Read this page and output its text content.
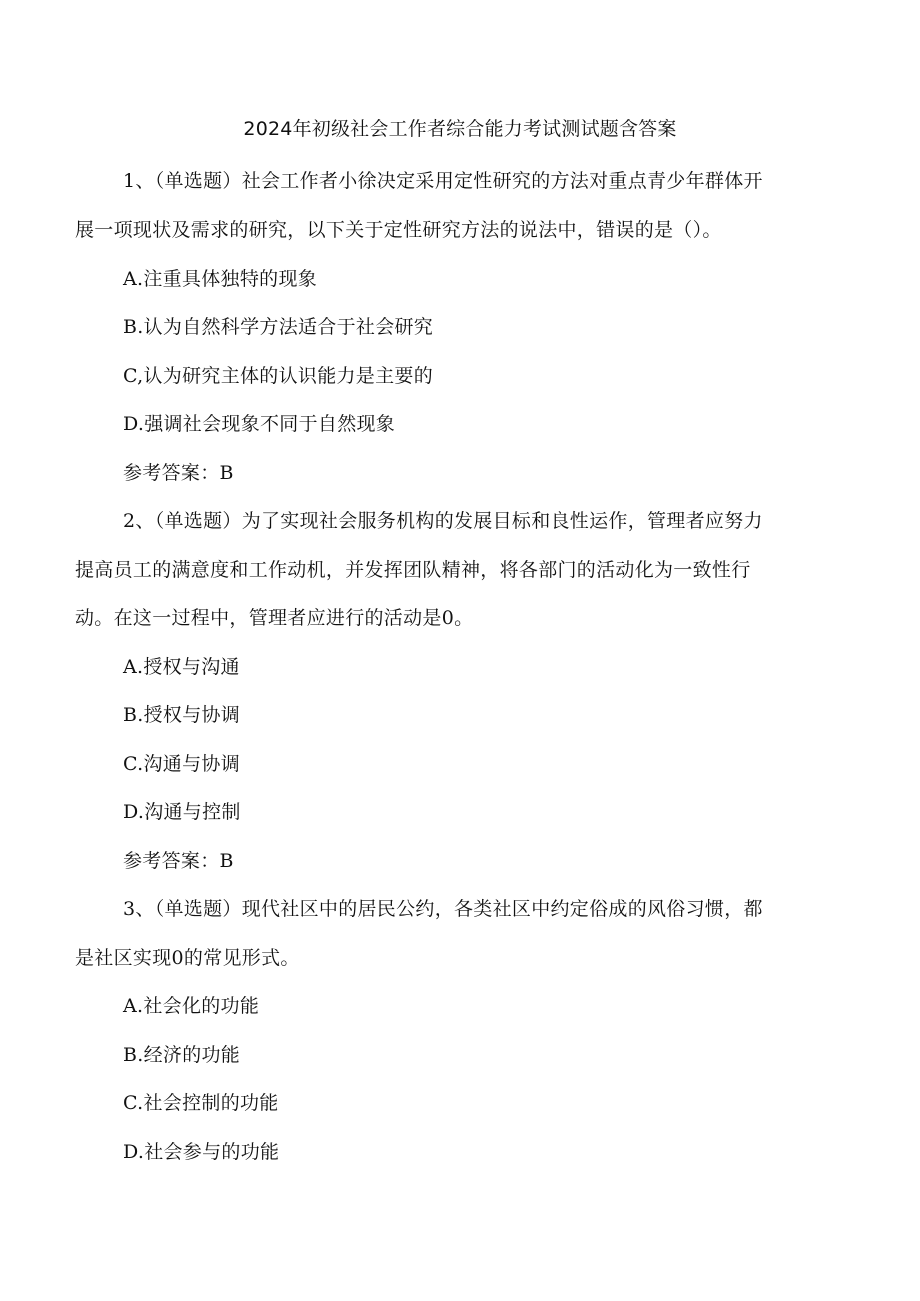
2024年初级社会工作者综合能力考试测试题含答案
1、（单选题）社会工作者小徐决定采用定性研究的方法对重点青少年群体开
展一项现状及需求的研究，以下关于定性研究方法的说法中，错误的是（）。
A.注重具体独特的现象
B.认为自然科学方法适合于社会研究
C,认为研究主体的认识能力是主要的
D.强调社会现象不同于自然现象
参考答案：B
2、（单选题）为了实现社会服务机构的发展目标和良性运作，管理者应努力
提高员工的满意度和工作动机，并发挥团队精神，将各部门的活动化为一致性行
动。在这一过程中，管理者应进行的活动是0。
A.授权与沟通
B.授权与协调
C.沟通与协调
D.沟通与控制
参考答案：B
3、（单选题）现代社区中的居民公约，各类社区中约定俗成的风俗习惯，都
是社区实现0的常见形式。
A.社会化的功能
B.经济的功能
C.社会控制的功能
D.社会参与的功能
